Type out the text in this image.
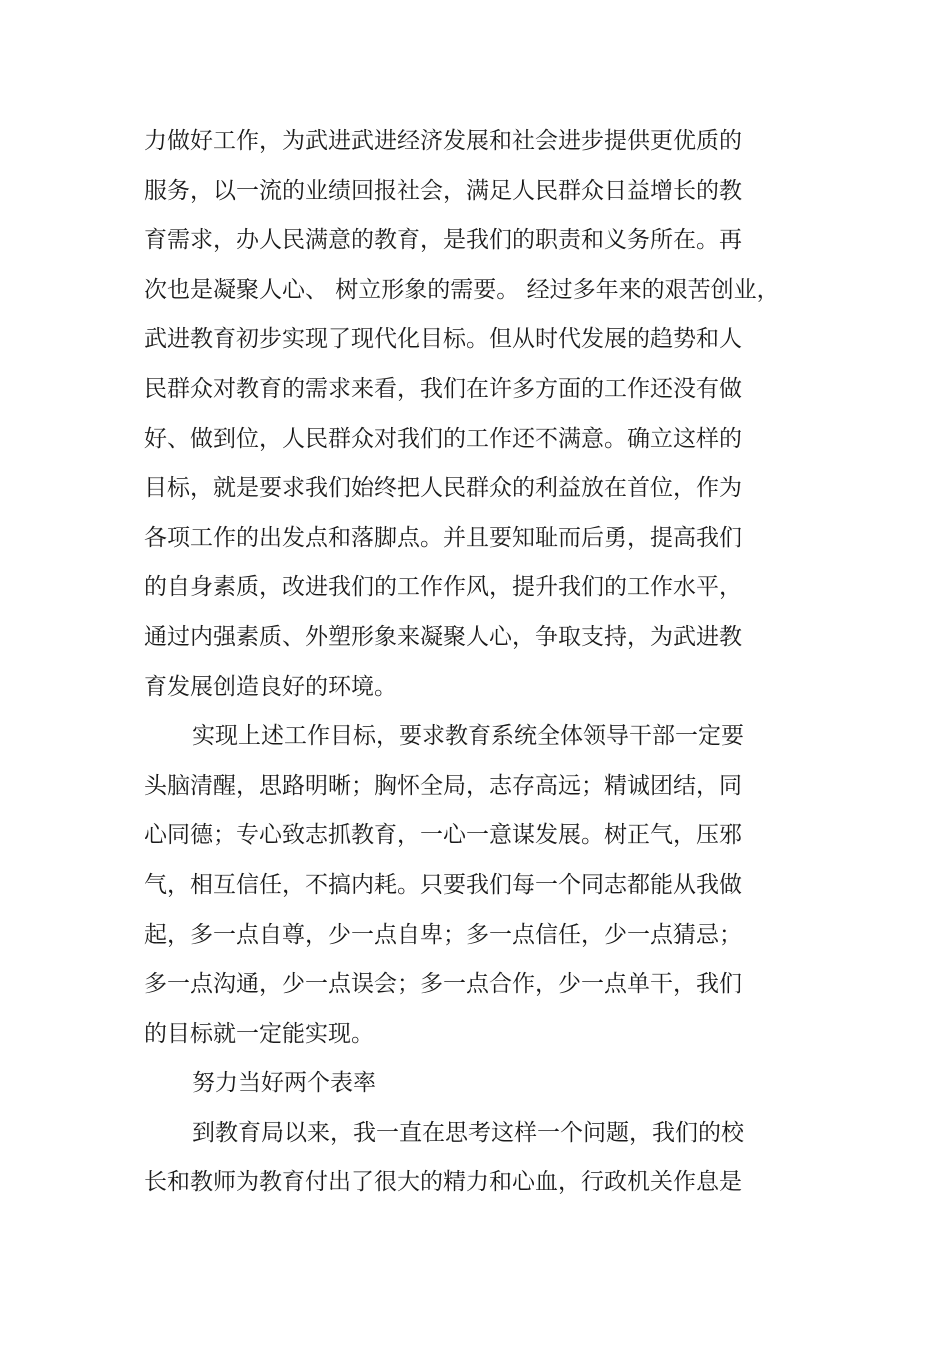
力做好工作，为武进武进经济发展和社会进步提供更优质的
服务，以一流的业绩回报社会，满足人民群众日益增长的教
育需求，办人民满意的教育，是我们的职责和义务所在。再
次也是凝聚人心、 树立形象的需要。 经过多年来的艰苦创业，
武进教育初步实现了现代化目标。但从时代发展的趋势和人
民群众对教育的需求来看，我们在许多方面的工作还没有做
好、做到位，人民群众对我们的工作还不满意。确立这样的
目标，就是要求我们始终把人民群众的利益放在首位，作为
各项工作的出发点和落脚点。并且要知耻而后勇，提高我们
的自身素质，改进我们的工作作风，提升我们的工作水平，
通过内强素质、外塑形象来凝聚人心，争取支持，为武进教
育发展创造良好的环境。
实现上述工作目标，要求教育系统全体领导干部一定要
头脑清醒，思路明晰；胸怀全局，志存高远；精诚团结，同
心同德；专心致志抓教育，一心一意谋发展。树正气，压邪
气，相互信任，不搞内耗。只要我们每一个同志都能从我做
起，多一点自尊，少一点自卑；多一点信任，少一点猜忌；
多一点沟通，少一点误会；多一点合作，少一点单干，我们
的目标就一定能实现。
努力当好两个表率
到教育局以来，我一直在思考这样一个问题，我们的校
长和教师为教育付出了很大的精力和心血，行政机关作息是
